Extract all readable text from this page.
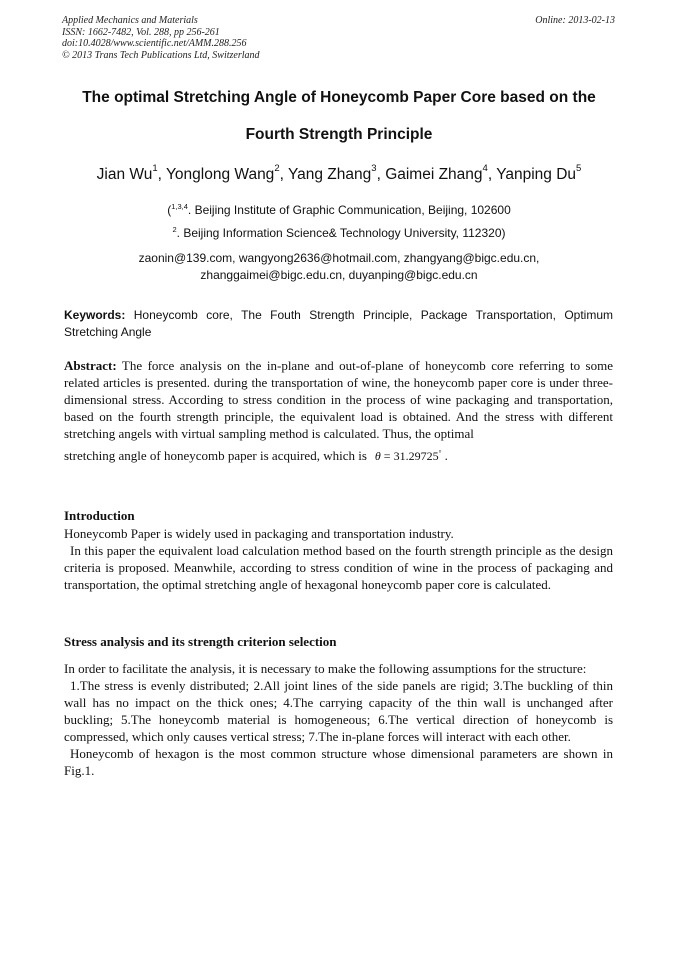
Applied Mechanics and Materials
ISSN: 1662-7482, Vol. 288, pp 256-261
doi:10.4028/www.scientific.net/AMM.288.256
© 2013 Trans Tech Publications Ltd, Switzerland
Online: 2013-02-13
The optimal Stretching Angle of Honeycomb Paper Core based on the
Fourth Strength Principle
Jian Wu$^1$, Yonglong Wang$^2$, Yang Zhang$^3$, Gaimei Zhang$^4$, Yanping Du$^5$
($^{1,3,4}$. Beijing Institute of Graphic Communication, Beijing, 102600
$^2$. Beijing Information Science& Technology University, 112320)
zaonin@139.com, wangyong2636@hotmail.com, zhangyang@bigc.edu.cn,
zhanggaimei@bigc.edu.cn, duyanping@bigc.edu.cn
Keywords: Honeycomb core, The Fouth Strength Principle, Package Transportation, Optimum Stretching Angle
Abstract: The force analysis on the in-plane and out-of-plane of honeycomb core referring to some related articles is presented. during the transportation of wine, the honeycomb paper core is under three-dimensional stress. According to stress condition in the process of wine packaging and transportation, based on the fourth strength principle, the equivalent load is obtained. And the stress with different stretching angels with virtual sampling method is calculated. Thus, the optimal
stretching angle of honeycomb paper is acquired, which is θ = 31.29725° .
Introduction
Honeycomb Paper is widely used in packaging and transportation industry.
In this paper the equivalent load calculation method based on the fourth strength principle as the design criteria is proposed. Meanwhile, according to stress condition of wine in the process of packaging and transportation, the optimal stretching angle of hexagonal honeycomb paper core is calculated.
Stress analysis and its strength criterion selection
In order to facilitate the analysis, it is necessary to make the following assumptions for the structure:
1.The stress is evenly distributed; 2.All joint lines of the side panels are rigid; 3.The buckling of thin wall has no impact on the thick ones; 4.The carrying capacity of the thin wall is unchanged after buckling; 5.The honeycomb material is homogeneous; 6.The vertical direction of honeycomb is compressed, which only causes vertical stress; 7.The in-plane forces will interact with each other.
Honeycomb of hexagon is the most common structure whose dimensional parameters are shown in Fig.1.
